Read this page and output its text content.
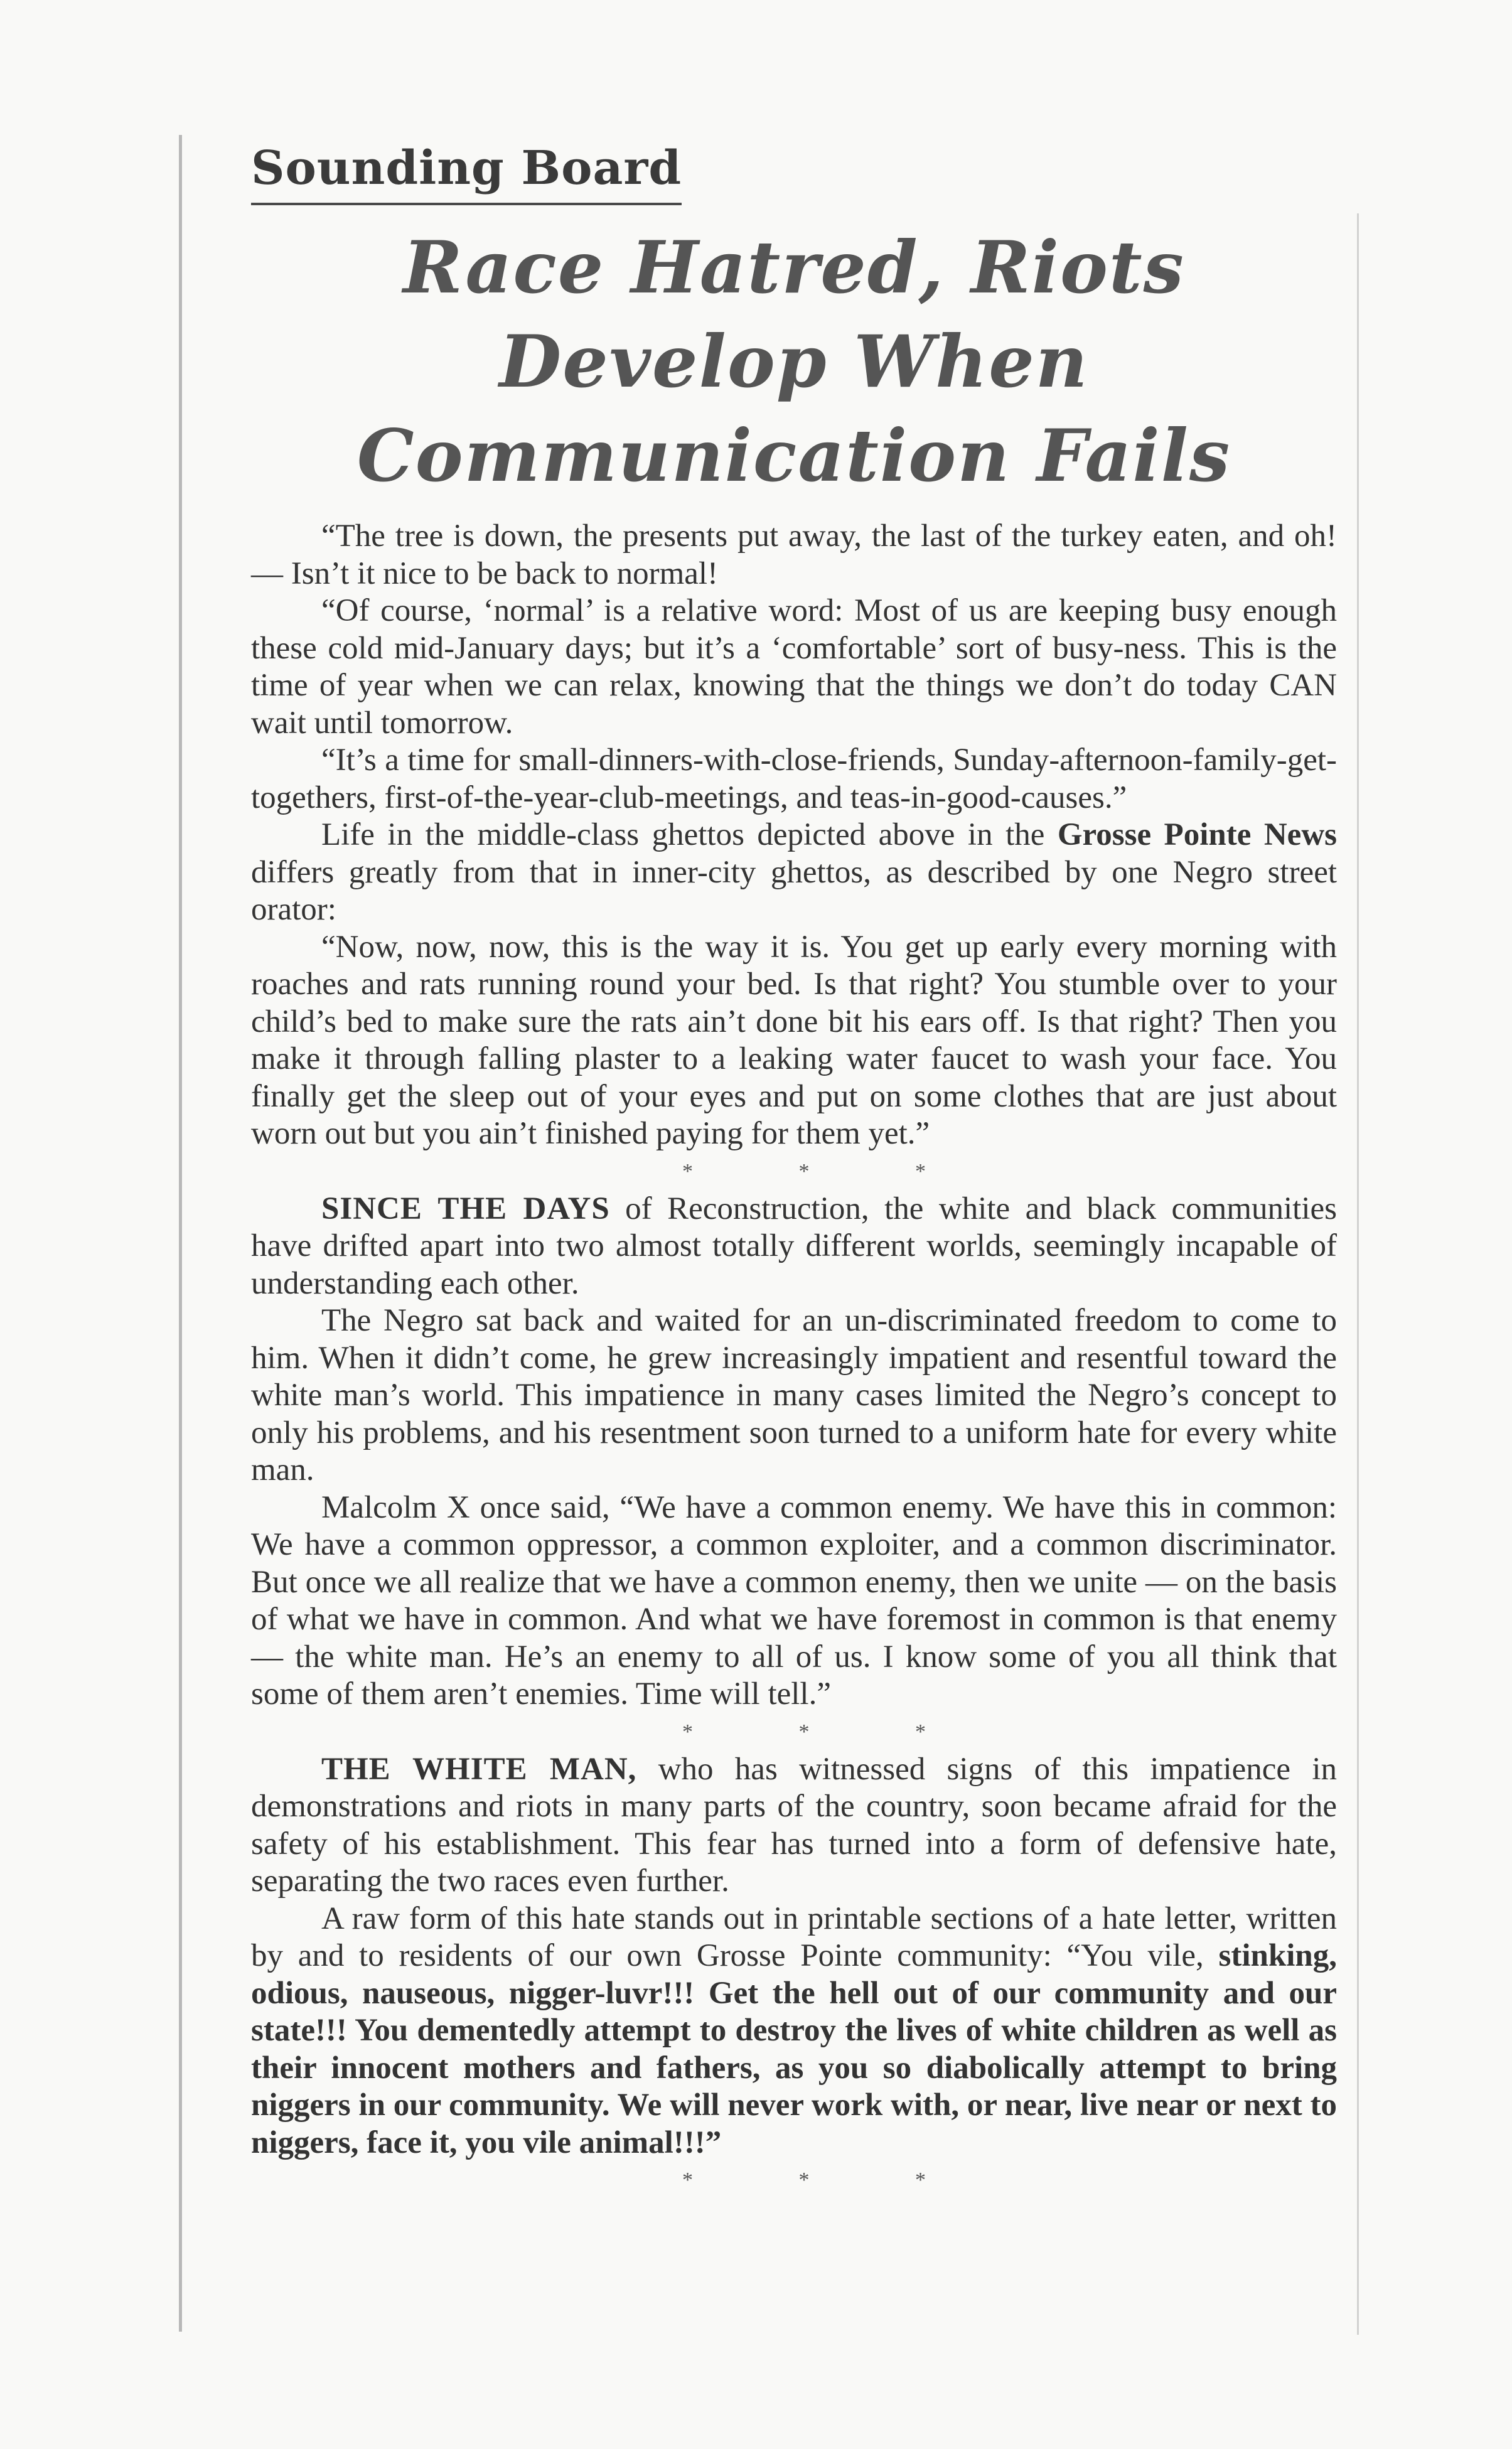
Sounding Board
Race Hatred, Riots Develop When Communication Fails

“The tree is down, the presents put away, the last of the turkey eaten, and oh! — Isn’t it nice to be back to normal!

“Of course, ‘normal’ is a relative word: Most of us are keeping busy enough these cold mid-January days; but it’s a ‘comfortable’ sort of busy-ness. This is the time of year when we can relax, knowing that the things we don’t do today CAN wait until tomorrow.

“It’s a time for small-dinners-with-close-friends, Sunday-afternoon-family-get-togethers, first-of-the-year-club-meetings, and teas-in-good-causes.”

Life in the middle-class ghettos depicted above in the Grosse Pointe News differs greatly from that in inner-city ghettos, as described by one Negro street orator:

“Now, now, now, this is the way it is. You get up early every morning with roaches and rats running round your bed. Is that right? You stumble over to your child’s bed to make sure the rats ain’t done bit his ears off. Is that right? Then you make it through falling plaster to a leaking water faucet to wash your face. You finally get the sleep out of your eyes and put on some clothes that are just about worn out but you ain’t finished paying for them yet.”

* * *

SINCE THE DAYS of Reconstruction, the white and black communities have drifted apart into two almost totally different worlds, seemingly incapable of understanding each other.

The Negro sat back and waited for an un-discriminated freedom to come to him. When it didn’t come, he grew increasingly impatient and resentful toward the white man’s world. This impatience in many cases limited the Negro’s concept to only his problems, and his resentment soon turned to a uniform hate for every white man.

Malcolm X once said, “We have a common enemy. We have this in common: We have a common oppressor, a common exploiter, and a common discriminator. But once we all realize that we have a common enemy, then we unite — on the basis of what we have in common. And what we have foremost in common is that enemy — the white man. He’s an enemy to all of us. I know some of you all think that some of them aren’t enemies. Time will tell.”

* * *

THE WHITE MAN, who has witnessed signs of this impatience in demonstrations and riots in many parts of the country, soon became afraid for the safety of his establishment. This fear has turned into a form of defensive hate, separating the two races even further.

A raw form of this hate stands out in printable sections of a hate letter, written by and to residents of our own Grosse Pointe community: “You vile, stinking, odious, nauseous, nigger-luvr!!! Get the hell out of our community and our state!!! You dementedly attempt to destroy the lives of white children as well as their innocent mothers and fathers, as you so diabolically attempt to bring niggers in our community. We will never work with, or near, live near or next to niggers, face it, you vile animal!!!”

* * *
